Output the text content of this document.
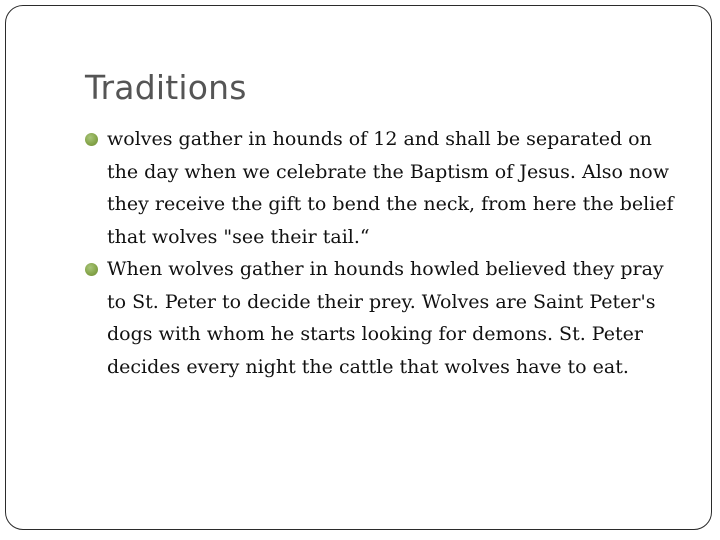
Traditions
wolves gather in hounds of 12 and shall be separated on the day when we celebrate the Baptism of Jesus. Also now they receive the gift to bend the neck, from here the belief that wolves "see their tail.“
When wolves gather in hounds howled believed they pray to St. Peter to decide their prey. Wolves are Saint Peter's dogs with whom he starts looking for demons. St. Peter decides every night the cattle that wolves have to eat.
